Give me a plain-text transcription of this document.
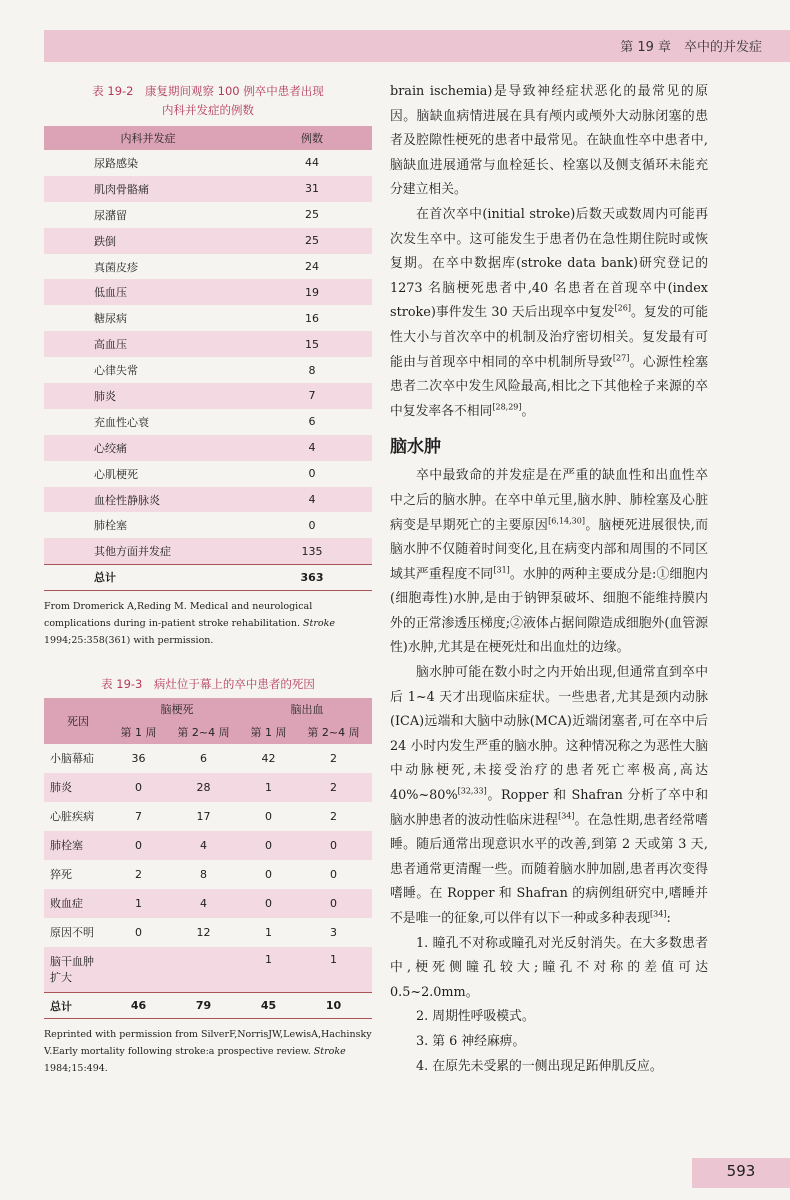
第 19 章　卒中的并发症
表 19-2　康复期间观察 100 例卒中患者出现
内科并发症的例数
内科并发症	例数
尿路感染	44
肌肉骨骼痛	31
尿潴留	25
跌倒	25
真菌皮疹	24
低血压	19
糖尿病	16
高血压	15
心律失常	8
肺炎	7
充血性心衰	6
心绞痛	4
心肌梗死	0
血栓性静脉炎	4
肺栓塞	0
其他方面并发症	135
总计	363
From Dromerick A,Reding M. Medical and neurological complications during in-patient stroke rehabilitation. Stroke 1994;25:358(361) with permission.
表 19-3　病灶位于幕上的卒中患者的死因
死因	脑梗死		脑出血	
	第 1 周	第 2~4 周	第 1 周	第 2~4 周
小脑幕疝	36	6	42	2
肺炎	0	28	1	2
心脏疾病	7	17	0	2
肺栓塞	0	4	0	0
猝死	2	8	0	0
败血症	1	4	0	0
原因不明	0	12	1	3

脑干血肿
扩大			1	1
总计	46	79	45	10
Reprinted with permission from SilverF,NorrisJW,LewisA,Hachinsky V.Early mortality following stroke:a prospective review. Stroke 1984;15:494.

brain ischemia)是导致神经症状恶化的最常见的原因。脑缺血病情进展在具有颅内或颅外大动脉闭塞的患者及腔隙性梗死的患者中最常见。在缺血性卒中患者中,脑缺血进展通常与血栓延长、栓塞以及侧支循环未能充分建立相关。

在首次卒中(initial stroke)后数天或数周内可能再次发生卒中。这可能发生于患者仍在急性期住院时或恢复期。在卒中数据库(stroke data bank)研究登记的 1273 名脑梗死患者中,40 名患者在首现卒中(index stroke)事件发生 30 天后出现卒中复发[26]。复发的可能性大小与首次卒中的机制及治疗密切相关。复发最有可能由与首现卒中相同的卒中机制所导致[27]。心源性栓塞患者二次卒中发生风险最高,相比之下其他栓子来源的卒中复发率各不相同[28,29]。

脑水肿

卒中最致命的并发症是在严重的缺血性和出血性卒中之后的脑水肿。在卒中单元里,脑水肿、肺栓塞及心脏病变是早期死亡的主要原因[6,14,30]。脑梗死进展很快,而脑水肿不仅随着时间变化,且在病变内部和周围的不同区域其严重程度不同[31]。水肿的两种主要成分是:①细胞内(细胞毒性)水肿,是由于钠钾泵破坏、细胞不能维持膜内外的正常渗透压梯度;②液体占据间隙造成细胞外(血管源性)水肿,尤其是在梗死灶和出血灶的边缘。

脑水肿可能在数小时之内开始出现,但通常直到卒中后 1~4 天才出现临床症状。一些患者,尤其是颈内动脉(ICA)远端和大脑中动脉(MCA)近端闭塞者,可在卒中后 24 小时内发生严重的脑水肿。这种情况称之为恶性大脑中动脉梗死,未接受治疗的患者死亡率极高,高达 40%~80%[32,33]。Ropper 和 Shafran 分析了卒中和脑水肿患者的波动性临床进程[34]。在急性期,患者经常嗜睡。随后通常出现意识水平的改善,到第 2 天或第 3 天,患者通常更清醒一些。而随着脑水肿加剧,患者再次变得嗜睡。在 Ropper 和 Shafran 的病例组研究中,嗜睡并不是唯一的征象,可以伴有以下一种或多种表现[34]:

1. 瞳孔不对称或瞳孔对光反射消失。在大多数患者中,梗死侧瞳孔较大;瞳孔不对称的差值可达 0.5~2.0mm。

2. 周期性呼吸模式。

3. 第 6 神经麻痹。

4. 在原先未受累的一侧出现足跖伸肌反应。

593
